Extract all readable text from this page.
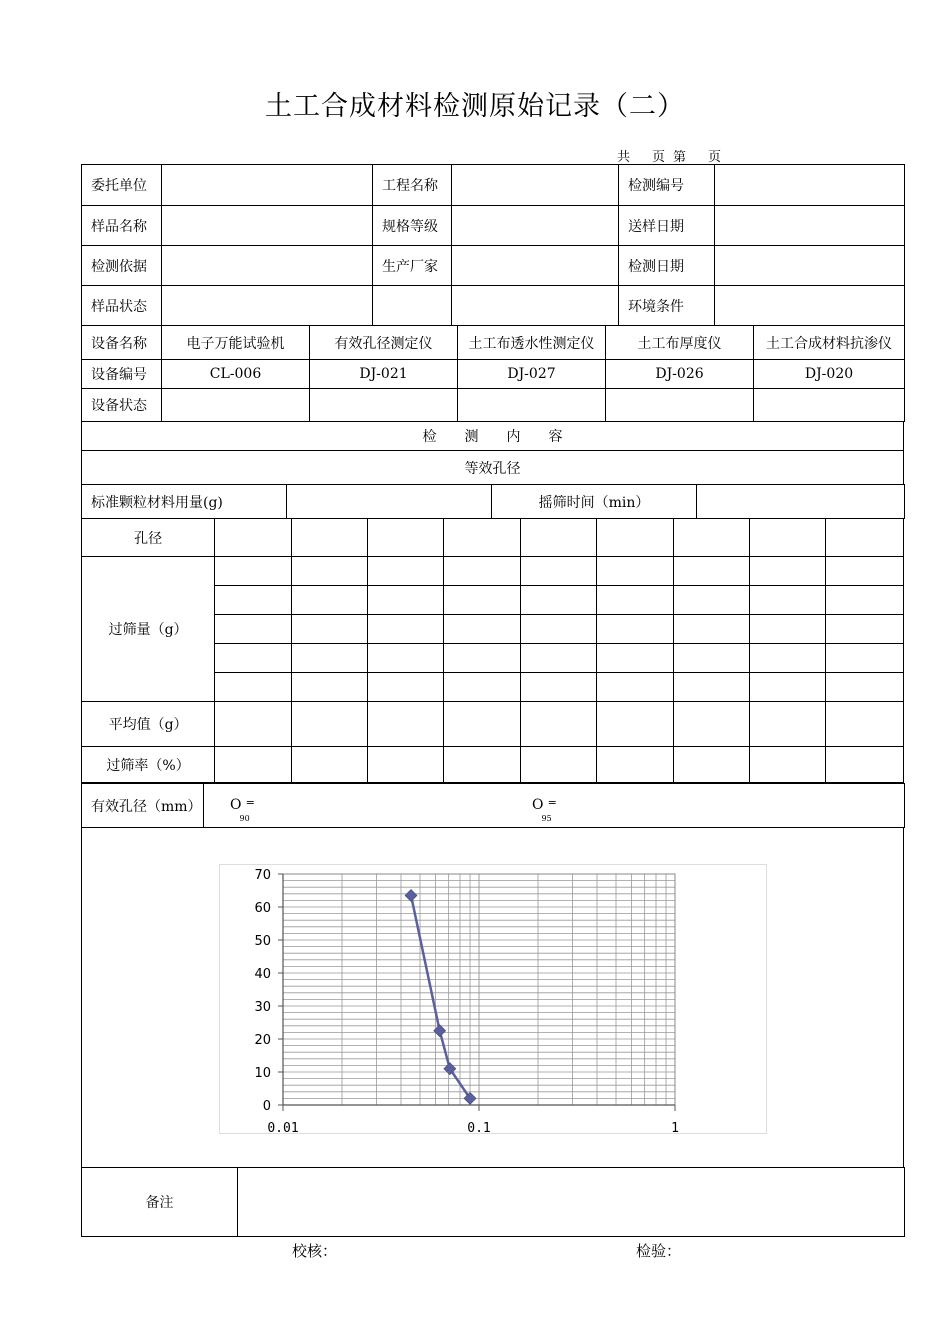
土工合成材料检测原始记录（二）
共 页 第 页
委托单位		工程名称		检测编号	
样品名称		规格等级		送样日期	
检测依据		生产厂家		检测日期	
样品状态				环境条件	
设备名称	电子万能试验机	有效孔径测定仪	土工布透水性测定仪	土工布厚度仪	土工合成材料抗渗仪
设备编号	CL-006	DJ-021	DJ-027	DJ-026	DJ-020
设备状态					
检　　测　　内　　容
等效孔径
标准颗粒材料用量(g)		摇筛时间（min）	
孔径									
过筛量（g）									

平均值（g）									
过筛率（%）									
有效孔径（mm）	$O_{90}^=$	$O_{95}^=$
0
10
20
30
40
50
60
70
0.01	0.1	1
备注	
校核：	检验：
